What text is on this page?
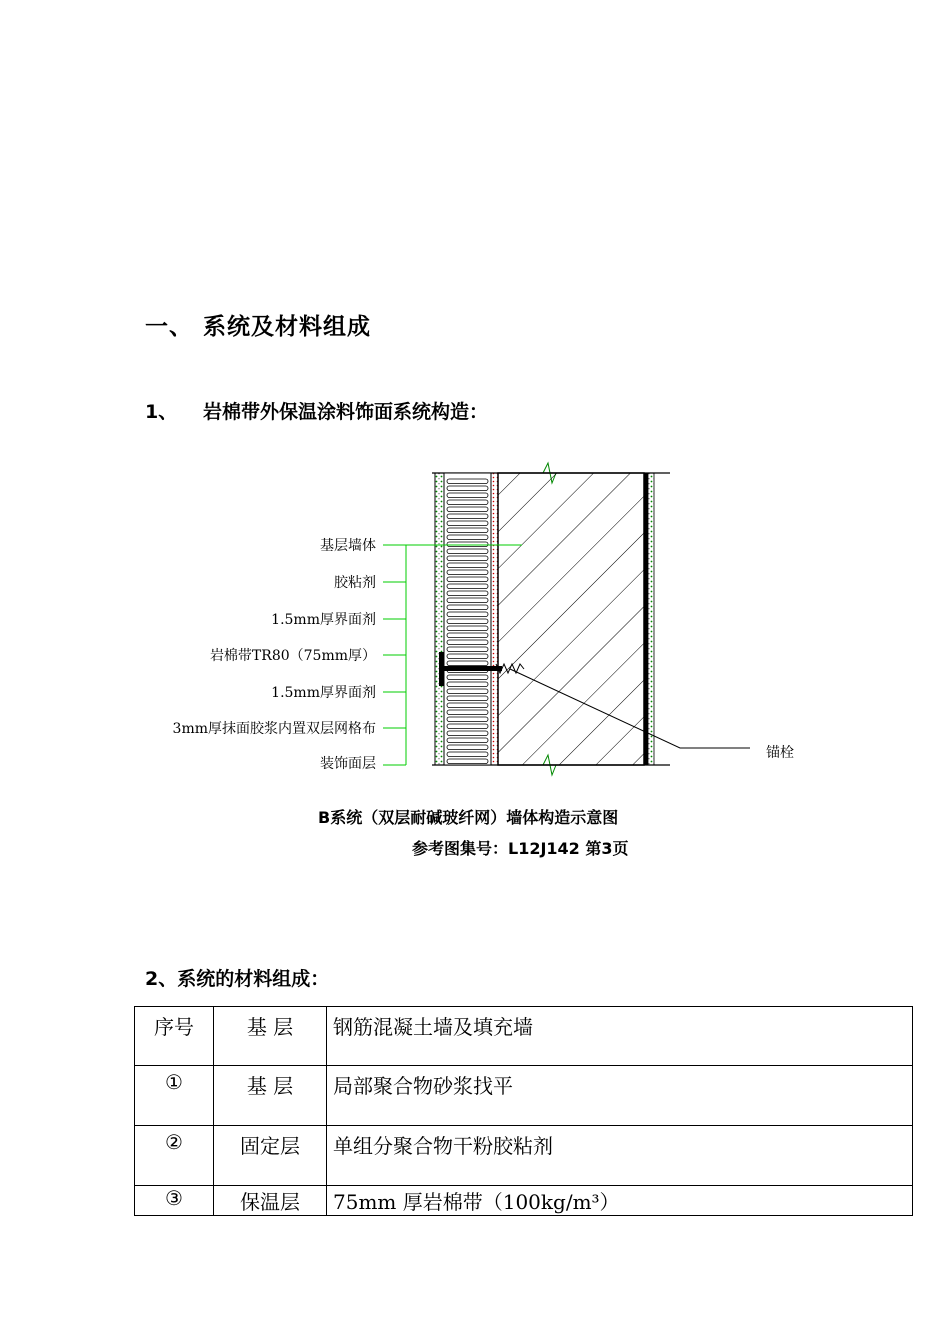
一、 系统及材料组成
1、 岩棉带外保温涂料饰面系统构造：
基层墙体
胶粘剂
1.5mm厚界面剂
岩棉带TR80（75mm厚）
1.5mm厚界面剂
3mm厚抹面胶浆内置双层网格布
装饰面层
锚栓
B系统（双层耐碱玻纤网）墙体构造示意图
参考图集号：L12J142 第3页
2、系统的材料组成：
序号	基 层	钢筋混凝土墙及填充墙
①	基 层	局部聚合物砂浆找平
②	固定层	单组分聚合物干粉胶粘剂
③	保温层	75mm 厚岩棉带（100kg/m³）
